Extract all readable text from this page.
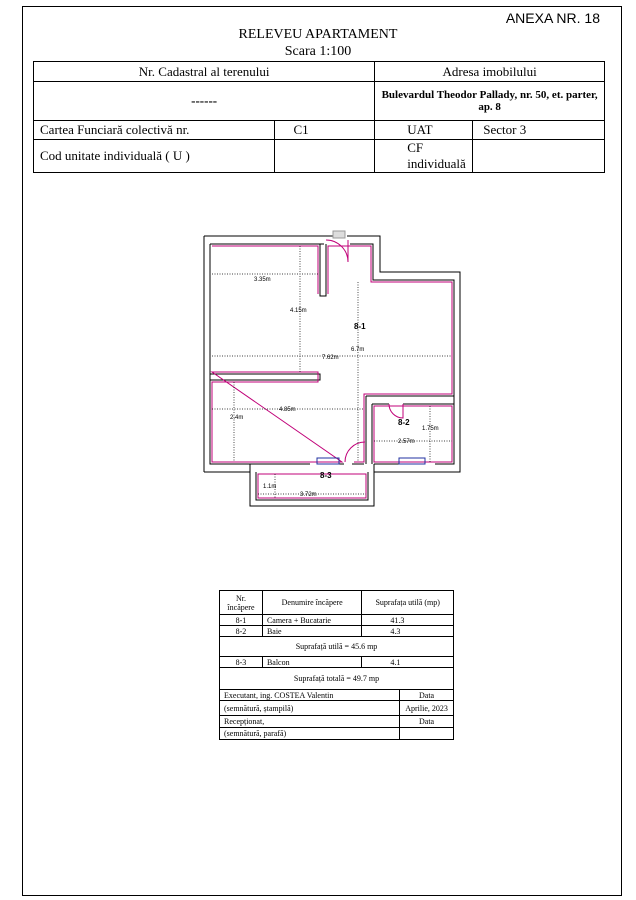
ANEXA NR. 18
RELEVEU APARTAMENT
Scara 1:100
Nr. Cadastral al terenului		Adresa imobilului	
------		Bulevardul Theodor Pallady, nr. 50, et. parter, ap. 8	
Cartea Funciară colectivă nr.	C1	UAT	Sector 3
Cod unitate individuală ( U )		CF individuală	
3.35m
4.15m
6.7m
7.62m
2.4m
4.85m
1.75m
2.57m
1.1m
3.72m
8-1
8-2
8-3
Nr. încăpere	Denumire încăpere	Suprafața utilă (mp)	
8-1	Camera + Bucatarie	41.3	
8-2	Baie	4.3	
Suprafață utilă = 45.6 mp			
8-3	Balcon	4.1	
Suprafață totală = 49.7 mp			
Executant, ing. COSTEA Valentin			Data
(semnătură, ștampilă)			Aprilie, 2023
Recepționat,			Data
(semnătură, parafă)			
